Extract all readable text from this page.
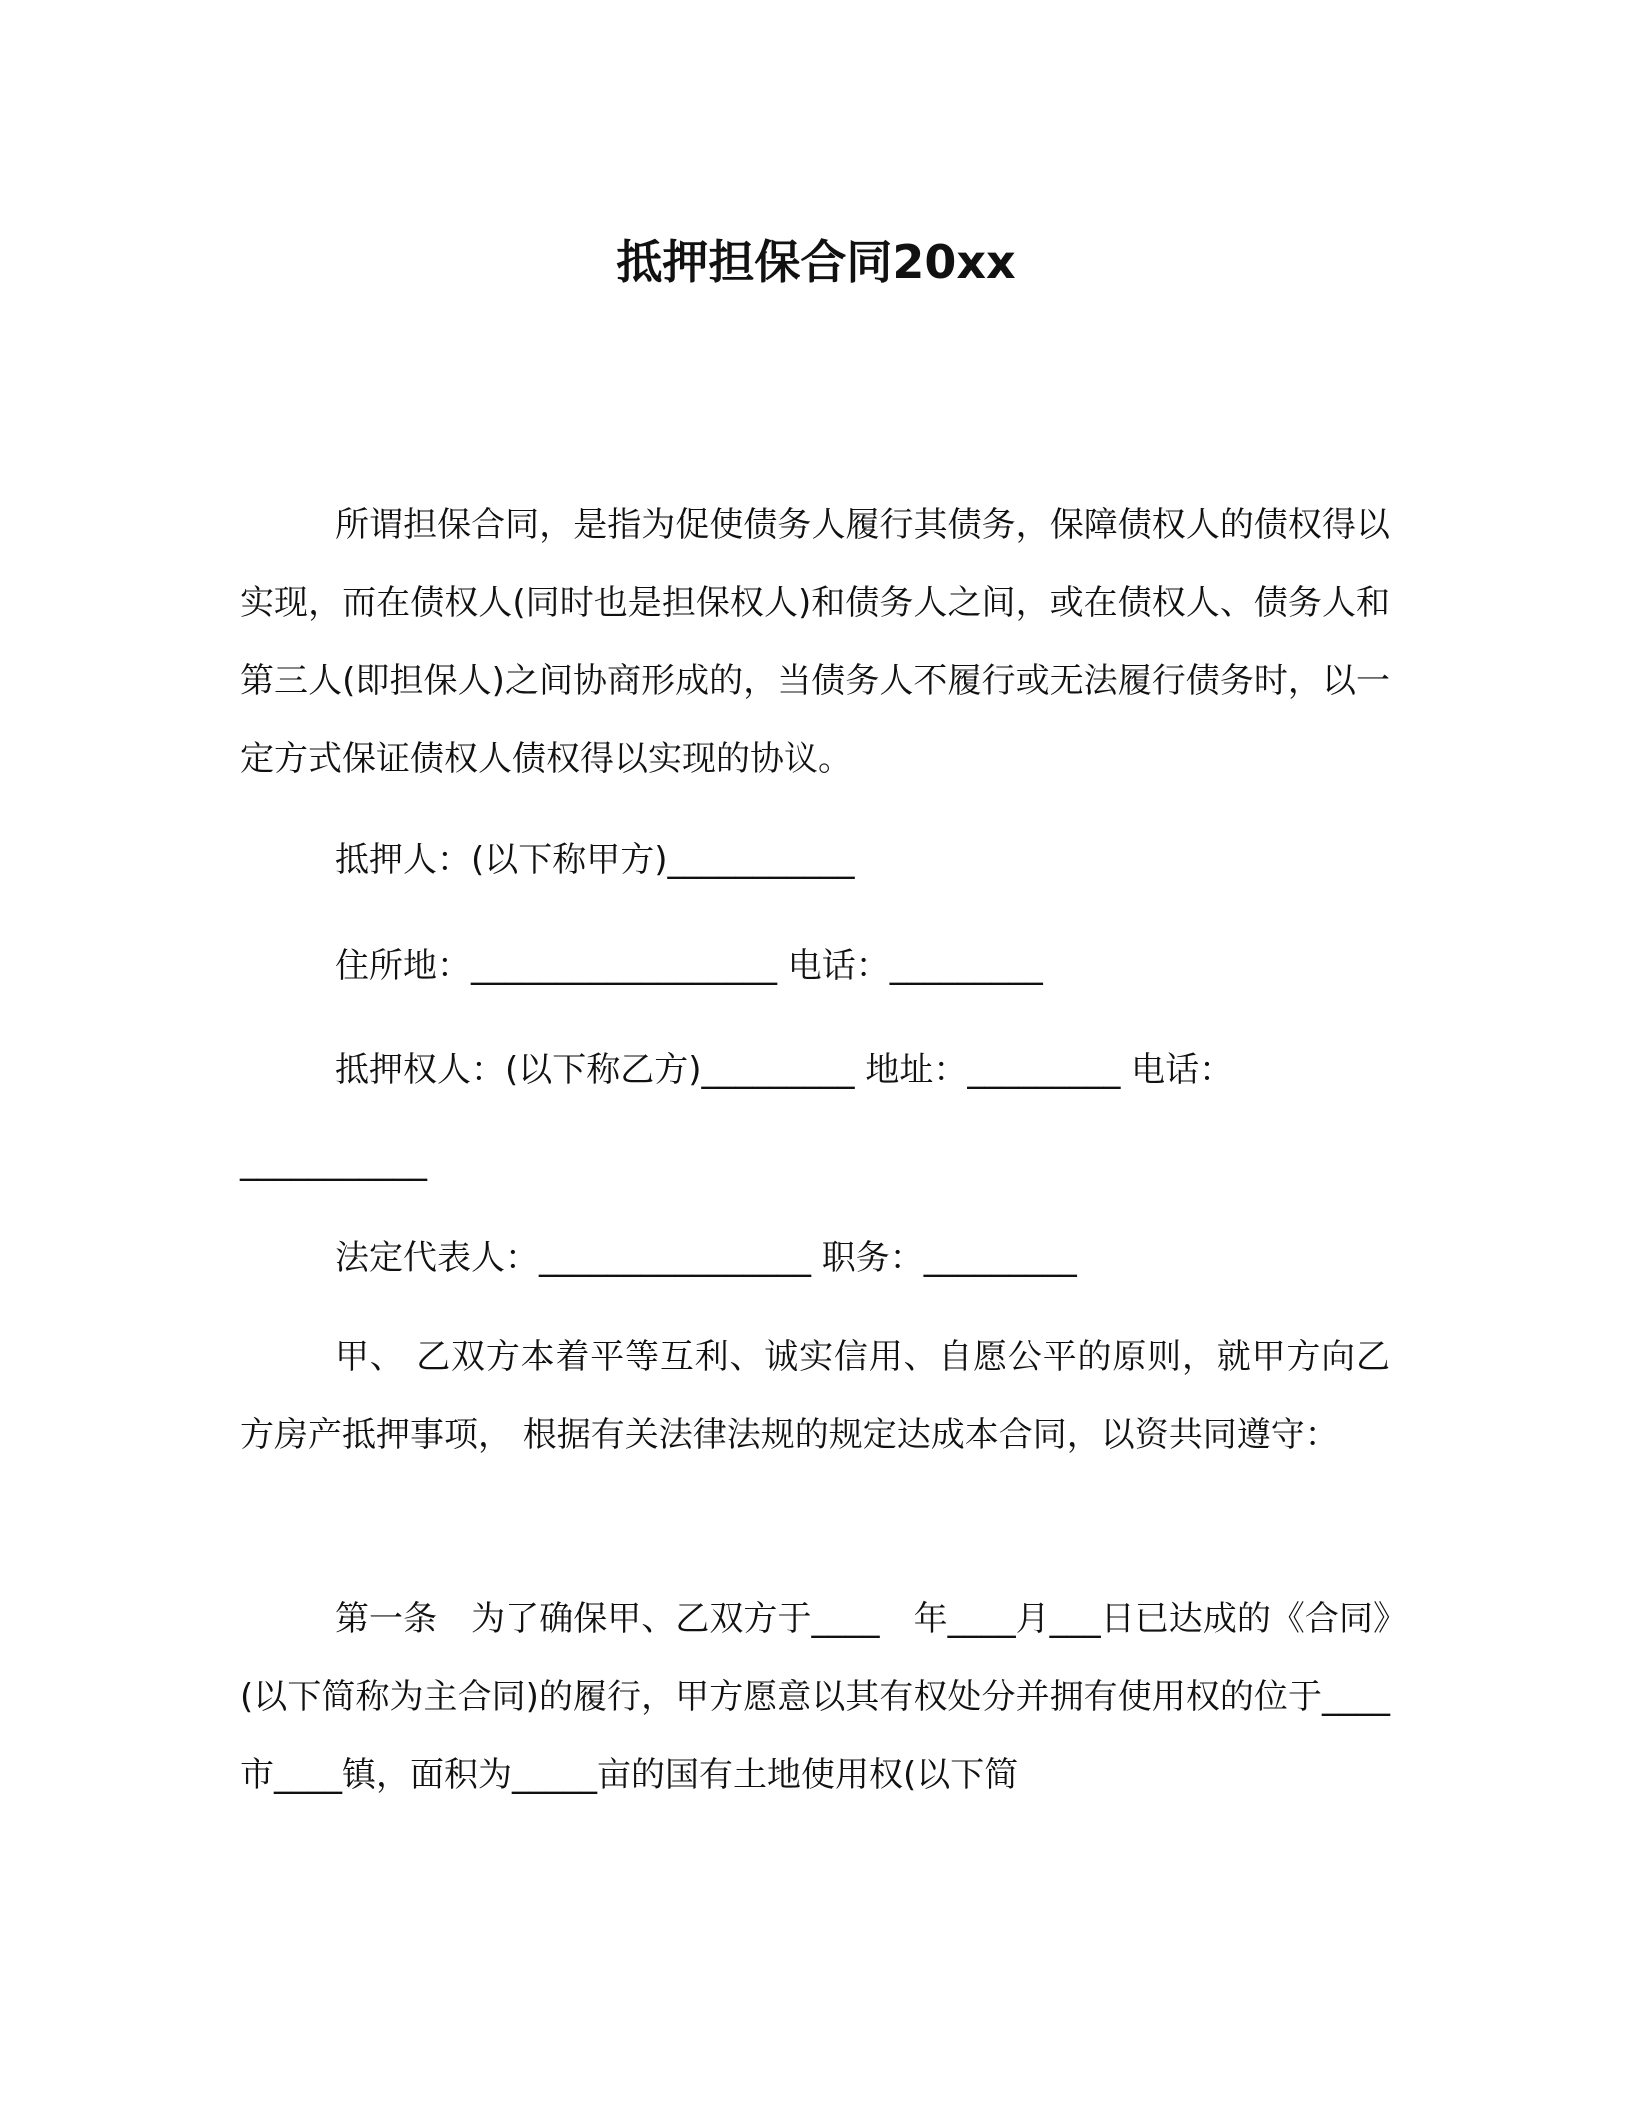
抵押担保合同20xx

所谓担保合同，是指为促使债务人履行其债务，保障债权人的债权得以实现，而在债权人(同时也是担保权人)和债务人之间，或在债权人、债务人和第三人(即担保人)之间协商形成的，当债务人不履行或无法履行债务时，以一定方式保证债权人债权得以实现的协议。

抵押人：(以下称甲方)___________
住所地：__________________ 电话：_________
抵押权人：(以下称乙方)_________ 地址：_________ 电话：
___________
法定代表人：________________ 职务：_________

甲、 乙双方本着平等互利、诚实信用、自愿公平的原则，就甲方向乙方房产抵押事项， 根据有关法律法规的规定达成本合同，以资共同遵守：

第一条　为了确保甲、乙双方于____　年____月___日已达成的《合同》(以下简称为主合同)的履行，甲方愿意以其有权处分并拥有使用权的位于____市____镇，面积为_____亩的国有土地使用权(以下简
